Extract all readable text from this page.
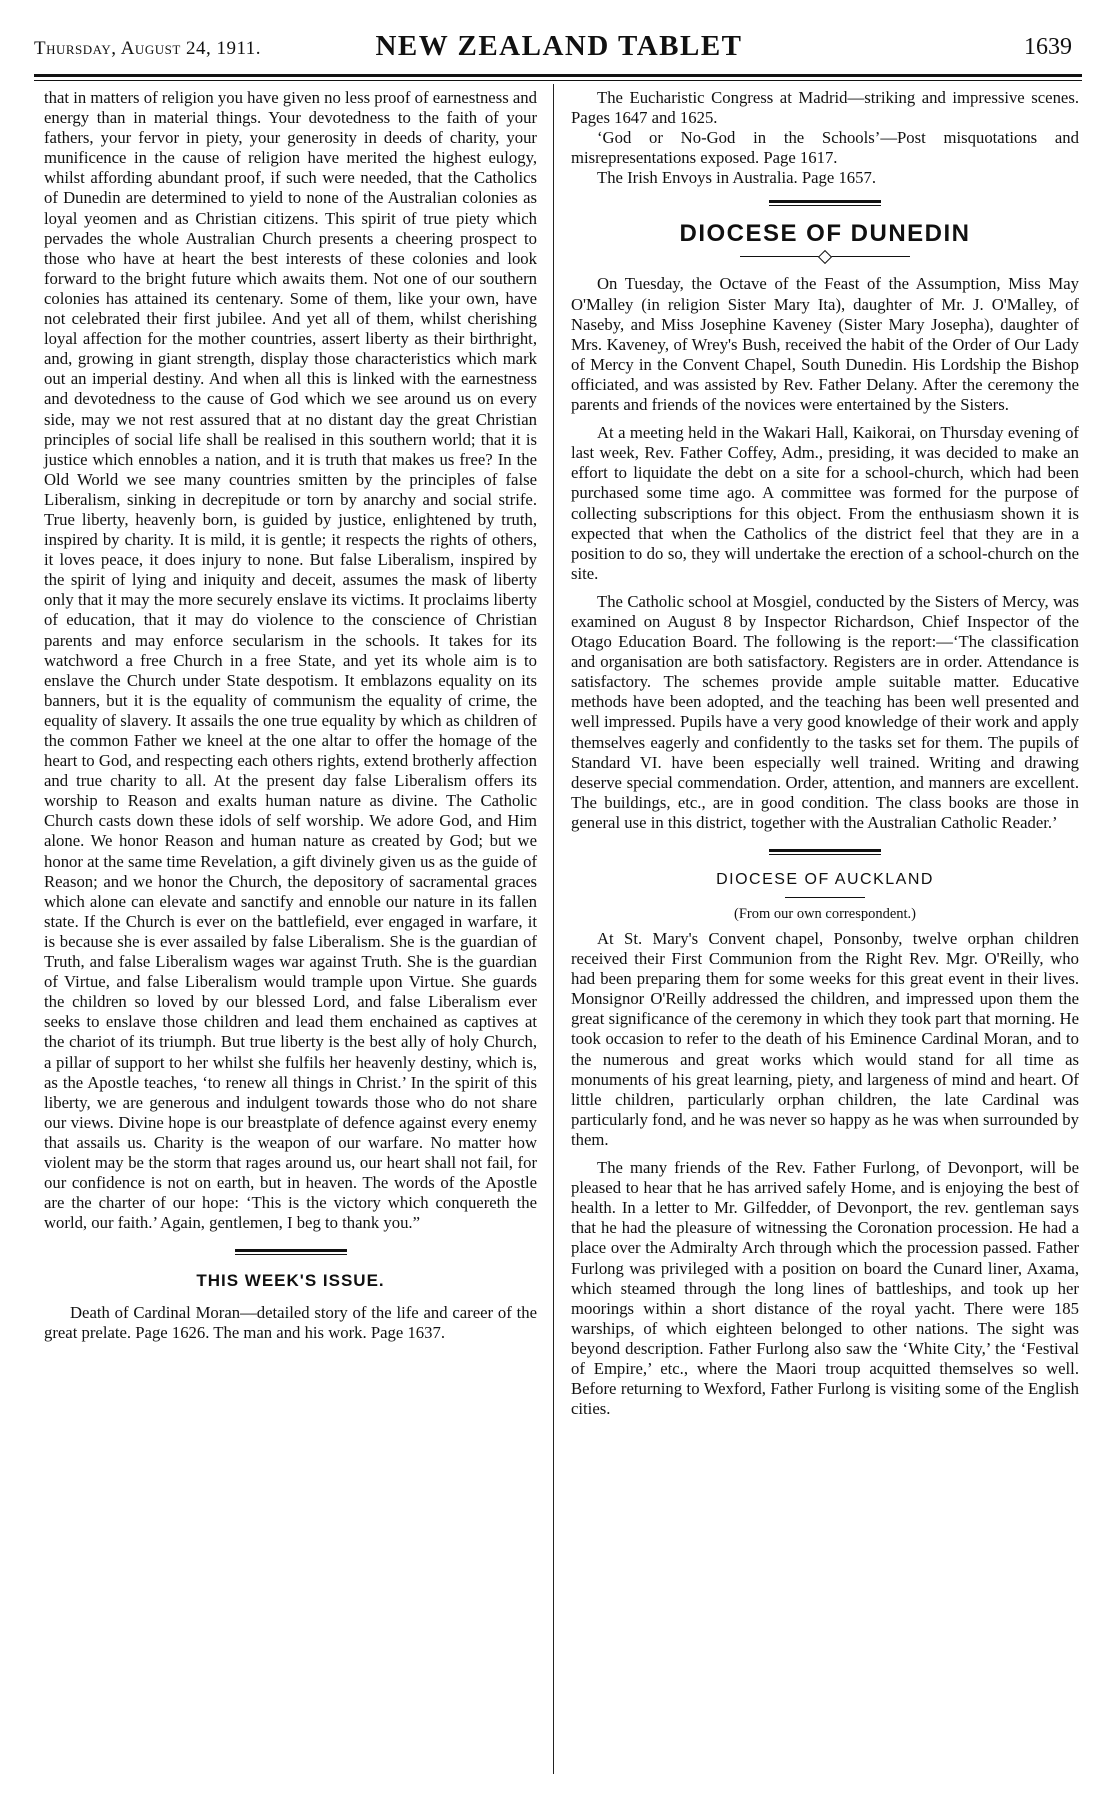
Thursday, August 24, 1911.	NEW ZEALAND TABLET	1639

that in matters of religion you have given no less proof of earnestness and energy than in material things. Your devotedness to the faith of your fathers, your fervor in piety, your generosity in deeds of charity, your munificence in the cause of religion have merited the highest eulogy, whilst affording abundant proof, if such were needed, that the Catholics of Dunedin are determined to yield to none of the Australian colonies as loyal yeomen and as Christian citizens. This spirit of true piety which pervades the whole Australian Church presents a cheering prospect to those who have at heart the best interests of these colonies and look forward to the bright future which awaits them. Not one of our southern colonies has attained its centenary. Some of them, like your own, have not celebrated their first jubilee. And yet all of them, whilst cherishing loyal affection for the mother countries, assert liberty as their birthright, and, growing in giant strength, display those characteristics which mark out an imperial destiny. And when all this is linked with the earnestness and devotedness to the cause of God which we see around us on every side, may we not rest assured that at no distant day the great Christian principles of social life shall be realised in this southern world; that it is justice which ennobles a nation, and it is truth that makes us free? In the Old World we see many countries smitten by the principles of false Liberalism, sinking in decrepitude or torn by anarchy and social strife. True liberty, heavenly born, is guided by justice, enlightened by truth, inspired by charity. It is mild, it is gentle; it respects the rights of others, it loves peace, it does injury to none. But false Liberalism, inspired by the spirit of lying and iniquity and deceit, assumes the mask of liberty only that it may the more securely enslave its victims. It proclaims liberty of education, that it may do violence to the conscience of Christian parents and may enforce secularism in the schools. It takes for its watchword a free Church in a free State, and yet its whole aim is to enslave the Church under State despotism. It emblazons equality on its banners, but it is the equality of communism the equality of crime, the equality of slavery. It assails the one true equality by which as children of the common Father we kneel at the one altar to offer the homage of the heart to God, and respecting each others rights, extend brotherly affection and true charity to all. At the present day false Liberalism offers its worship to Reason and exalts human nature as divine. The Catholic Church casts down these idols of self worship. We adore God, and Him alone. We honor Reason and human nature as created by God; but we honor at the same time Revelation, a gift divinely given us as the guide of Reason; and we honor the Church, the depository of sacramental graces which alone can elevate and sanctify and ennoble our nature in its fallen state. If the Church is ever on the battlefield, ever engaged in warfare, it is because she is ever assailed by false Liberalism. She is the guardian of Truth, and false Liberalism wages war against Truth. She is the guardian of Virtue, and false Liberalism would trample upon Virtue. She guards the children so loved by our blessed Lord, and false Liberalism ever seeks to enslave those children and lead them enchained as captives at the chariot of its triumph. But true liberty is the best ally of holy Church, a pillar of support to her whilst she fulfils her heavenly destiny, which is, as the Apostle teaches, ‘to renew all things in Christ.’ In the spirit of this liberty, we are generous and indulgent towards those who do not share our views. Divine hope is our breastplate of defence against every enemy that assails us. Charity is the weapon of our warfare. No matter how violent may be the storm that rages around us, our heart shall not fail, for our confidence is not on earth, but in heaven. The words of the Apostle are the charter of our hope: ‘This is the victory which conquereth the world, our faith.’ Again, gentlemen, I beg to thank you.”

THIS WEEK'S ISSUE.

Death of Cardinal Moran—detailed story of the life and career of the great prelate. Page 1626. The man and his work. Page 1637.

The Eucharistic Congress at Madrid—striking and impressive scenes. Pages 1647 and 1625.

‘God or No-God in the Schools’—Post misquotations and misrepresentations exposed. Page 1617.

The Irish Envoys in Australia. Page 1657.

DIOCESE OF DUNEDIN

On Tuesday, the Octave of the Feast of the Assumption, Miss May O'Malley (in religion Sister Mary Ita), daughter of Mr. J. O'Malley, of Naseby, and Miss Josephine Kaveney (Sister Mary Josepha), daughter of Mrs. Kaveney, of Wrey's Bush, received the habit of the Order of Our Lady of Mercy in the Convent Chapel, South Dunedin. His Lordship the Bishop officiated, and was assisted by Rev. Father Delany. After the ceremony the parents and friends of the novices were entertained by the Sisters.

At a meeting held in the Wakari Hall, Kaikorai, on Thursday evening of last week, Rev. Father Coffey, Adm., presiding, it was decided to make an effort to liquidate the debt on a site for a school-church, which had been purchased some time ago. A committee was formed for the purpose of collecting subscriptions for this object. From the enthusiasm shown it is expected that when the Catholics of the district feel that they are in a position to do so, they will undertake the erection of a school-church on the site.

The Catholic school at Mosgiel, conducted by the Sisters of Mercy, was examined on August 8 by Inspector Richardson, Chief Inspector of the Otago Education Board. The following is the report:—‘The classification and organisation are both satisfactory. Registers are in order. Attendance is satisfactory. The schemes provide ample suitable matter. Educative methods have been adopted, and the teaching has been well presented and well impressed. Pupils have a very good knowledge of their work and apply themselves eagerly and confidently to the tasks set for them. The pupils of Standard VI. have been especially well trained. Writing and drawing deserve special commendation. Order, attention, and manners are excellent. The buildings, etc., are in good condition. The class books are those in general use in this district, together with the Australian Catholic Reader.’

DIOCESE OF AUCKLAND
(From our own correspondent.)

At St. Mary's Convent chapel, Ponsonby, twelve orphan children received their First Communion from the Right Rev. Mgr. O'Reilly, who had been preparing them for some weeks for this great event in their lives. Monsignor O'Reilly addressed the children, and impressed upon them the great significance of the ceremony in which they took part that morning. He took occasion to refer to the death of his Eminence Cardinal Moran, and to the numerous and great works which would stand for all time as monuments of his great learning, piety, and largeness of mind and heart. Of little children, particularly orphan children, the late Cardinal was particularly fond, and he was never so happy as he was when surrounded by them.

The many friends of the Rev. Father Furlong, of Devonport, will be pleased to hear that he has arrived safely Home, and is enjoying the best of health. In a letter to Mr. Gilfedder, of Devonport, the rev. gentleman says that he had the pleasure of witnessing the Coronation procession. He had a place over the Admiralty Arch through which the procession passed. Father Furlong was privileged with a position on board the Cunard liner, Axama, which steamed through the long lines of battleships, and took up her moorings within a short distance of the royal yacht. There were 185 warships, of which eighteen belonged to other nations. The sight was beyond description. Father Furlong also saw the ‘White City,’ the ‘Festival of Empire,’ etc., where the Maori troup acquitted themselves so well. Before returning to Wexford, Father Furlong is visiting some of the English cities.
